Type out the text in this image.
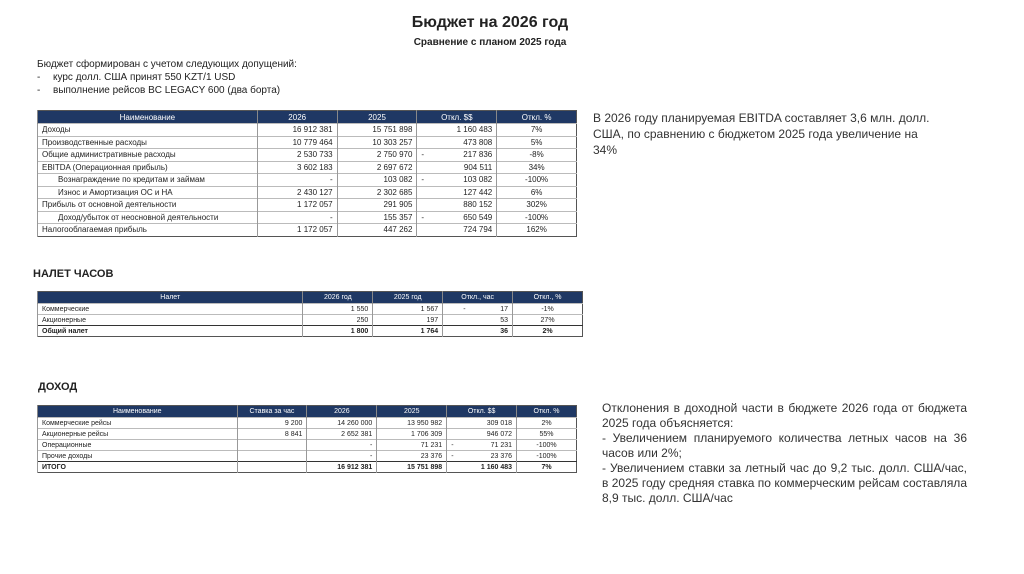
Бюджет на 2026 год
Сравнение с планом 2025 года
Бюджет сформирован с учетом следующих допущений:
- курс долл. США принят 550 KZT/1 USD
- выполнение рейсов BC LEGACY 600 (два борта)
Наименование	2026	2025	Откл. $$	Откл. %
Доходы	16 912 381	15 751 898	1 160 483	7%
Производственные расходы	10 779 464	10 303 257	473 808	5%
Общие административные расходы	2 530 733	2 750 970	- 217 836	-8%
EBITDA (Операционная прибыль)	3 602 183	2 697 672	904 511	34%
Вознаграждение по кредитам и займам	-	103 082	- 103 082	-100%
Износ и Амортизация ОС и НА	2 430 127	2 302 685	127 442	6%
Прибыль от основной деятельности	1 172 057	291 905	880 152	302%
Доход/убыток от неосновной деятельности	-	155 357	- 650 549	-100%
Налогооблагаемая прибыль	1 172 057	447 262	724 794	162%
В 2026 году планируемая EBITDA составляет 3,6 млн. долл. США, по сравнению с бюджетом 2025 года увеличение на 34%
НАЛЕТ ЧАСОВ
Налет	2026 год	2025 год	Откл., час	Откл., %
Коммерческие	1 550	1 567	- 17	-1%
Акционерные	250	197	53	27%
Общий налет	1 800	1 764	36	2%
ДОХОД
Наименование	Ставка за час	2026	2025	Откл. $$	Откл. %
Коммерческие рейсы	9 200	14 260 000	13 950 982	309 018	2%
Акционерные рейсы	8 841	2 652 381	1 706 309	946 072	55%
Операционные		-	71 231	- 71 231	-100%
Прочие доходы		-	23 376	- 23 376	-100%
ИТОГО		16 912 381	15 751 898	1 160 483	7%
Отклонения в доходной части в бюджете 2026 года от бюджета 2025 года объясняется:
- Увеличением планируемого количества летных часов на 36 часов или 2%;
- Увеличением ставки за летный час до 9,2 тыс. долл. США/час, в 2025 году средняя ставка по коммерческим рейсам составляла 8,9 тыс. долл. США/час
